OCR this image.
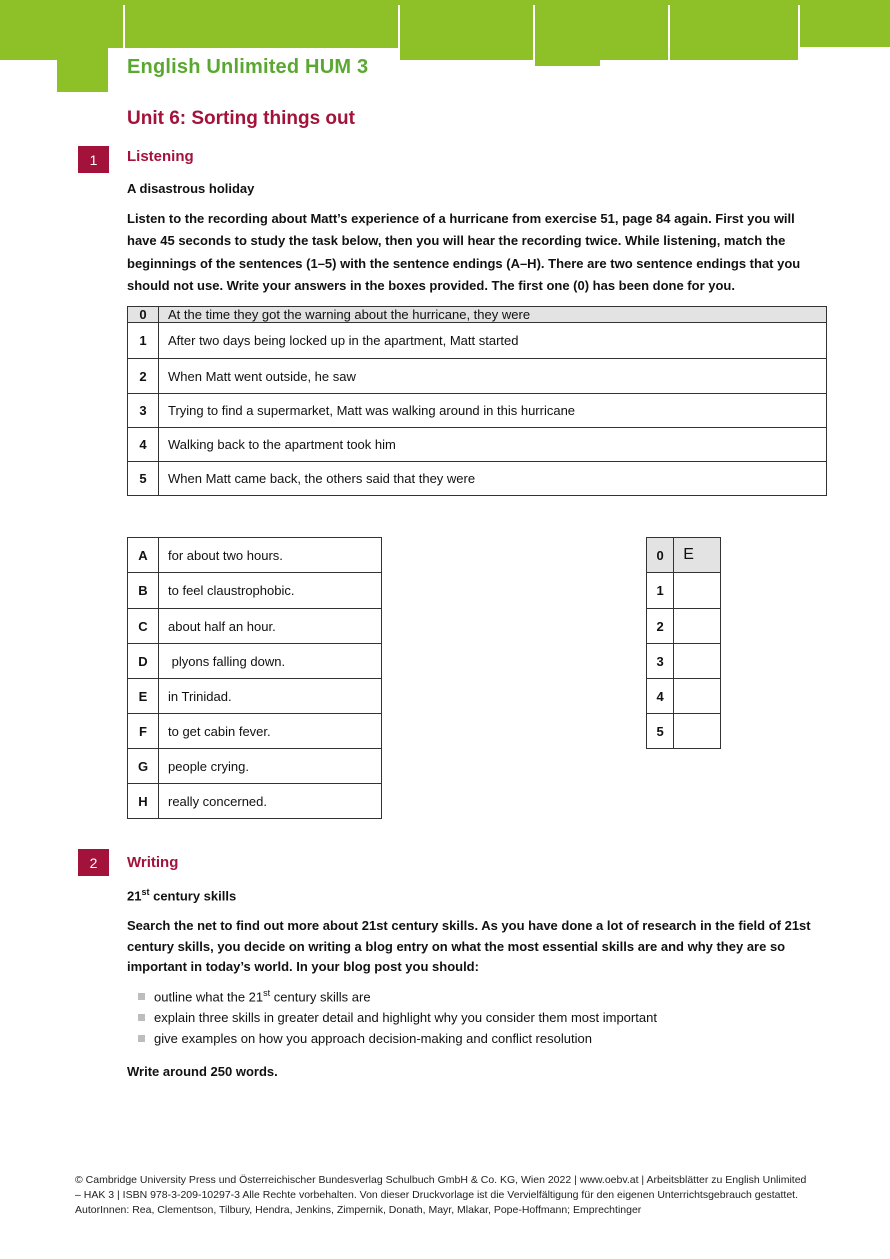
English Unlimited HUM 3
Unit 6: Sorting things out
1	Listening
A disastrous holiday
Listen to the recording about Matt’s experience of a hurricane from exercise 51, page 84 again. First you will have 45 seconds to study the task below, then you will hear the recording twice. While listening, match the beginnings of the sentences (1–5) with the sentence endings (A–H). There are two sentence endings that you should not use. Write your answers in the boxes provided. The first one (0) has been done for you.
0	At the time they got the warning about the hurricane, they were
1	After two days being locked up in the apartment, Matt started
2	When Matt went outside, he saw
3	Trying to find a supermarket, Matt was walking around in this hurricane
4	Walking back to the apartment took him
5	When Matt came back, the others said that they were
A	for about two hours.
B	to feel claustrophobic.
C	about half an hour.
D	plyons falling down.
E	in Trinidad.
F	to get cabin fever.
G	people crying.
H	really concerned.
0	E
1	
2	
3	
4	
5	
2	Writing
21st century skills
Search the net to find out more about 21st century skills. As you have done a lot of research in the field of 21st century skills, you decide on writing a blog entry on what the most essential skills are and why they are so important in today’s world. In your blog post you should:
outline what the 21st century skills are
explain three skills in greater detail and highlight why you consider them most important
give examples on how you approach decision-making and conflict resolution
Write around 250 words.
© Cambridge University Press und Österreichischer Bundesverlag Schulbuch GmbH & Co. KG, Wien 2022 | www.oebv.at | Arbeitsblätter zu English Unlimited – HAK 3 | ISBN 978-3-209-10297-3 Alle Rechte vorbehalten. Von dieser Druckvorlage ist die Vervielfältigung für den eigenen Unterrichtsgebrauch gestattet.
AutorInnen: Rea, Clementson, Tilbury, Hendra, Jenkins, Zimpernik, Donath, Mayr, Mlakar, Pope-Hoffmann; Emprechtinger
